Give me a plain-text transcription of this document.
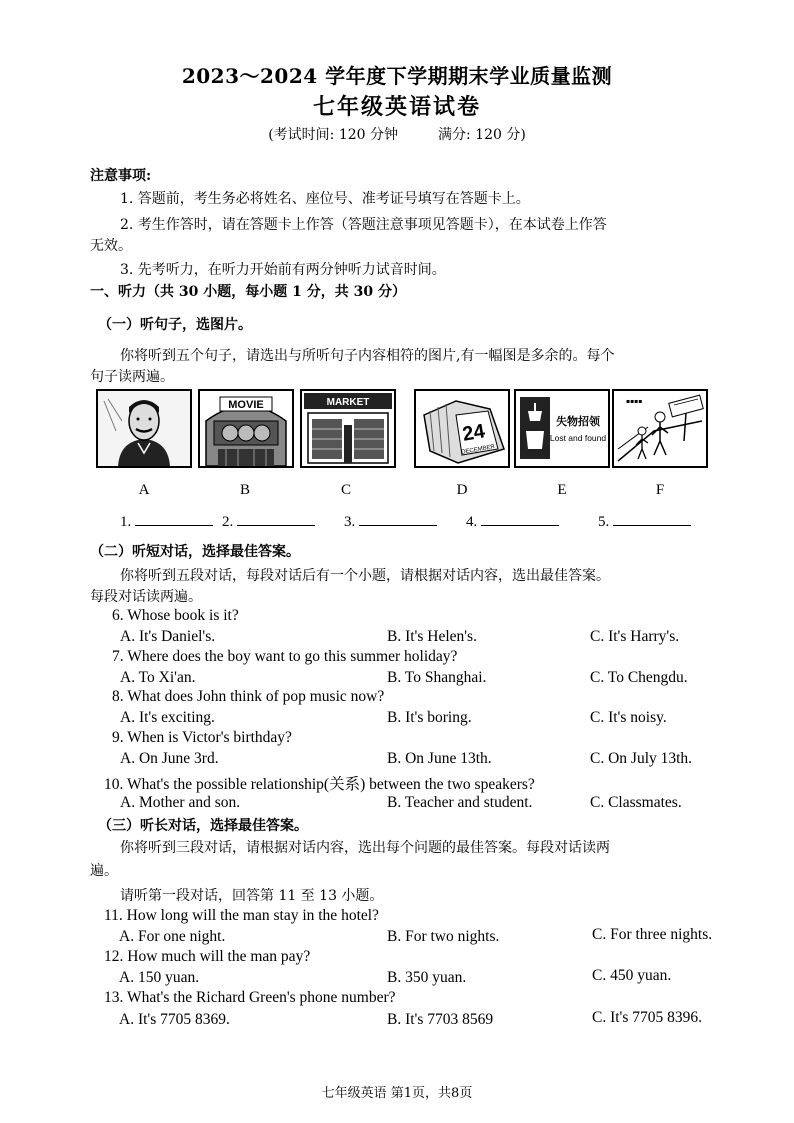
2023～2024 学年度下学期期末学业质量监测
七年级英语试卷
(考试时间: 120 分钟	满分: 120 分)
注意事项:
1. 答题前，考生务必将姓名、座位号、准考证号填写在答题卡上。
2. 考生作答时，请在答题卡上作答（答题注意事项见答题卡），在本试卷上作答
无效。
3. 先考听力，在听力开始前有两分钟听力试音时间。
一、听力（共 30 小题，每小题 1 分，共 30 分）
（一）听句子，选图片。
你将听到五个句子，请选出与所听句子内容相符的图片,有一幅图是多余的。每个
句子读两遍。
MOVIE	MARKET
24
DECEMBER
失物招领
Lost and found
▪▪▪▪
A	B	C	D	E	F
1.	2.	3.	4.	5.
（二）听短对话，选择最佳答案。
你将听到五段对话，每段对话后有一个小题，请根据对话内容，选出最佳答案。
每段对话读两遍。
6. Whose book is it?
A. It's Daniel's.	B. It's Helen's.	C. It's Harry's.
7. Where does the boy want to go this summer holiday?
A. To Xi'an.	B. To Shanghai.	C. To Chengdu.
8. What does John think of pop music now?
A. It's exciting.	B. It's boring.	C. It's noisy.
9. When is Victor's birthday?
A. On June 3rd.	B. On June 13th.	C. On July 13th.
10. What's the possible relationship(关系) between the two speakers?
A. Mother and son.	B. Teacher and student.	C. Classmates.
（三）听长对话，选择最佳答案。
你将听到三段对话，请根据对话内容，选出每个问题的最佳答案。每段对话读两
遍。
请听第一段对话，回答第 11 至 13 小题。
11. How long will the man stay in the hotel?
A. For one night.	B. For two nights.	C. For three nights.
12. How much will the man pay?
A. 150 yuan.	B. 350 yuan.	C. 450 yuan.
13. What's the Richard Green's phone number?
A. It's 7705 8369.	B. It's 7703 8569	C. It's 7705 8396.
七年级英语 第1页，共8页
